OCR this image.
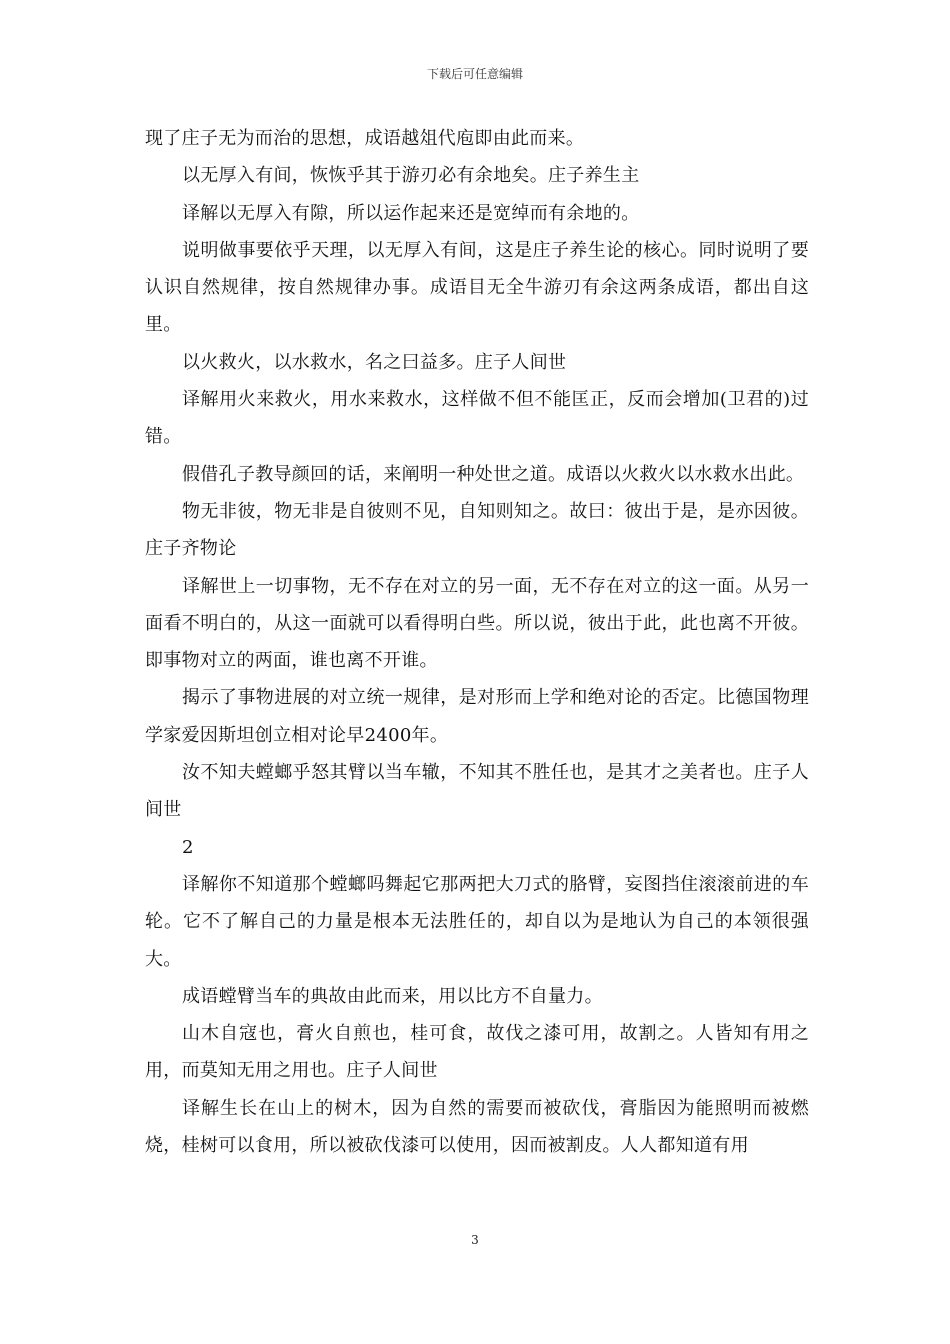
下载后可任意编辑

现了庄子无为而治的思想，成语越俎代庖即由此而来。

以无厚入有间，恢恢乎其于游刃必有余地矣。庄子养生主

译解以无厚入有隙，所以运作起来还是宽绰而有余地的。

说明做事要依乎天理，以无厚入有间，这是庄子养生论的核心。同时说明了要认识自然规律，按自然规律办事。成语目无全牛游刃有余这两条成语，都出自这里。

以火救火，以水救水，名之曰益多。庄子人间世

译解用火来救火，用水来救水，这样做不但不能匡正，反而会增加(卫君的)过错。

假借孔子教导颜回的话，来阐明一种处世之道。成语以火救火以水救水出此。

物无非彼，物无非是自彼则不见，自知则知之。故曰：彼出于是，是亦因彼。庄子齐物论

译解世上一切事物，无不存在对立的另一面，无不存在对立的这一面。从另一面看不明白的，从这一面就可以看得明白些。所以说，彼出于此，此也离不开彼。即事物对立的两面，谁也离不开谁。

揭示了事物进展的对立统一规律，是对形而上学和绝对论的否定。比德国物理学家爱因斯坦创立相对论早2400年。

汝不知夫螳螂乎怒其臂以当车辙，不知其不胜任也，是其才之美者也。庄子人间世

2

译解你不知道那个螳螂吗舞起它那两把大刀式的胳臂，妄图挡住滚滚前进的车轮。它不了解自己的力量是根本无法胜任的，却自以为是地认为自己的本领很强大。

成语螳臂当车的典故由此而来，用以比方不自量力。

山木自寇也，膏火自煎也，桂可食，故伐之漆可用，故割之。人皆知有用之用，而莫知无用之用也。庄子人间世

译解生长在山上的树木，因为自然的需要而被砍伐，膏脂因为能照明而被燃烧，桂树可以食用，所以被砍伐漆可以使用，因而被割皮。人人都知道有用

3
